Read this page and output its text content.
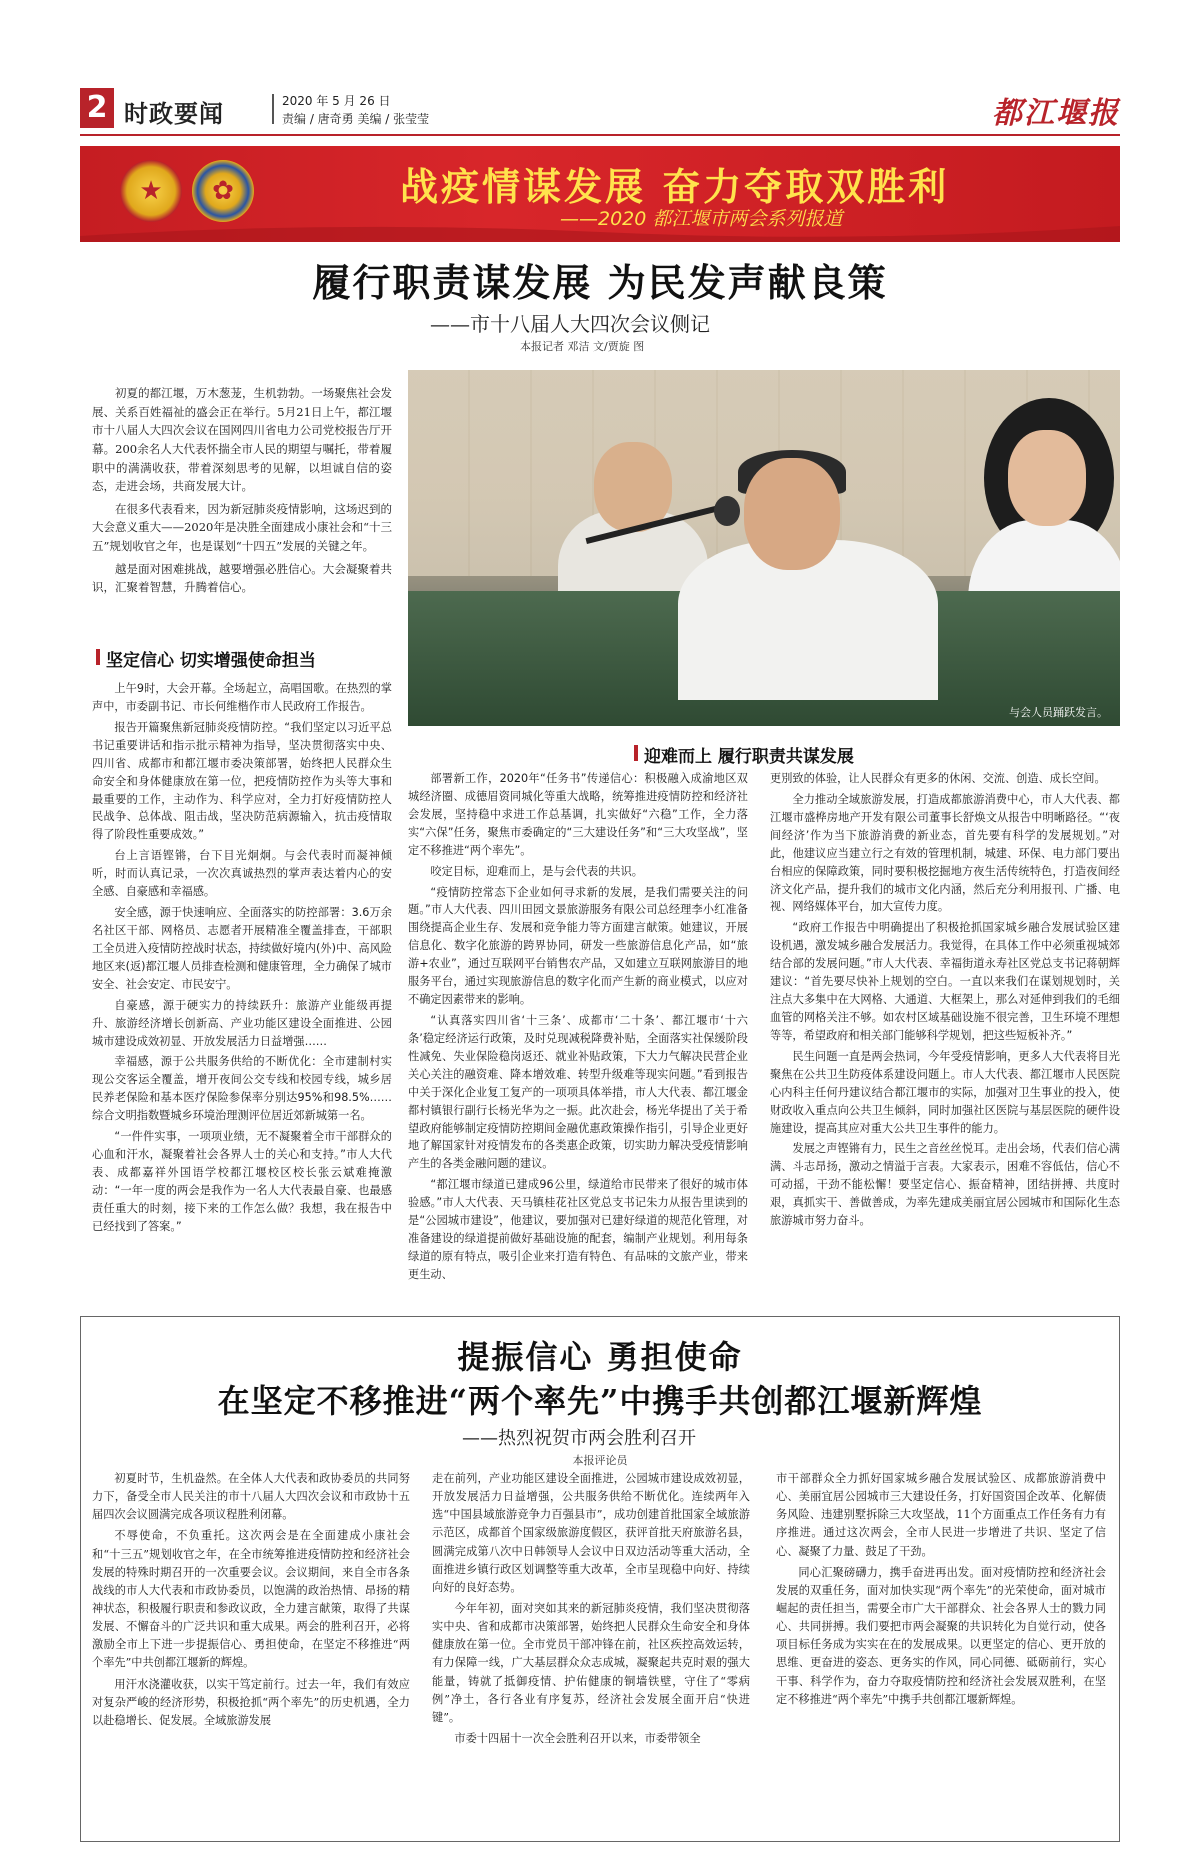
2 时政要闻	2020 年 5 月 26 日
责编 / 唐奇勇 美编 / 张莹莹	都江堰报
★ ✿	战疫情谋发展 奋力夺取双胜利
——2020 都江堰市两会系列报道
履行职责谋发展 为民发声献良策
——市十八届人大四次会议侧记
本报记者 邓洁 文/贾旋 图

初夏的都江堰，万木葱茏，生机勃勃。一场聚焦社会发展、关系百姓福祉的盛会正在举行。5月21日上午，都江堰市十八届人大四次会议在国网四川省电力公司党校报告厅开幕。200余名人大代表怀揣全市人民的期望与嘱托，带着履职中的满满收获，带着深刻思考的见解，以坦诚自信的姿态，走进会场，共商发展大计。

在很多代表看来，因为新冠肺炎疫情影响，这场迟到的大会意义重大——2020年是决胜全面建成小康社会和“十三五”规划收官之年，也是谋划“十四五”发展的关键之年。

越是面对困难挑战，越要增强必胜信心。大会凝聚着共识，汇聚着智慧，升腾着信心。

与会人员踊跃发言。
坚定信心 切实增强使命担当

上午9时，大会开幕。全场起立，高唱国歌。在热烈的掌声中，市委副书记、市长何维楷作市人民政府工作报告。

报告开篇聚焦新冠肺炎疫情防控。“我们坚定以习近平总书记重要讲话和指示批示精神为指导，坚决贯彻落实中央、四川省、成都市和都江堰市委决策部署，始终把人民群众生命安全和身体健康放在第一位，把疫情防控作为头等大事和最重要的工作，主动作为、科学应对，全力打好疫情防控人民战争、总体战、阻击战，坚决防范病源输入，抗击疫情取得了阶段性重要成效。”

台上言语铿锵，台下目光炯炯。与会代表时而凝神倾听，时而认真记录，一次次真诚热烈的掌声表达着内心的安全感、自豪感和幸福感。

安全感，源于快速响应、全面落实的防控部署：3.6万余名社区干部、网格员、志愿者开展精准全覆盖排查，干部职工全员进入疫情防控战时状态，持续做好境内(外)中、高风险地区来(返)都江堰人员排查检测和健康管理，全力确保了城市安全、社会安定、市民安宁。

自豪感，源于硬实力的持续跃升：旅游产业能级再提升、旅游经济增长创新高、产业功能区建设全面推进、公园城市建设成效初显、开放发展活力日益增强……

幸福感，源于公共服务供给的不断优化：全市建制村实现公交客运全覆盖，增开夜间公交专线和校园专线，城乡居民养老保险和基本医疗保险参保率分别达95%和98.5%……综合文明指数暨城乡环境治理测评位居近郊新城第一名。

“一件件实事，一项项业绩，无不凝聚着全市干部群众的心血和汗水，凝聚着社会各界人士的关心和支持。”市人大代表、成都嘉祥外国语学校都江堰校区校长张云斌难掩激动：“一年一度的两会是我作为一名人大代表最自豪、也最感责任重大的时刻，接下来的工作怎么做？我想，我在报告中已经找到了答案。”

迎难而上 履行职责共谋发展

部署新工作，2020年“任务书”传递信心：积极融入成渝地区双城经济圈、成德眉资同城化等重大战略，统筹推进疫情防控和经济社会发展，坚持稳中求进工作总基调，扎实做好“六稳”工作，全力落实“六保”任务，聚焦市委确定的“三大建设任务”和“三大攻坚战”，坚定不移推进“两个率先”。

咬定目标，迎难而上，是与会代表的共识。

“疫情防控常态下企业如何寻求新的发展，是我们需要关注的问题。”市人大代表、四川田园文景旅游服务有限公司总经理李小红准备围绕提高企业生存、发展和竞争能力等方面建言献策。她建议，开展信息化、数字化旅游的跨界协同，研发一些旅游信息化产品，如“旅游+农业”，通过互联网平台销售农产品，又如建立互联网旅游目的地服务平台，通过实现旅游信息的数字化而产生新的商业模式，以应对不确定因素带来的影响。

“认真落实四川省‘十三条’、成都市‘二十条’、都江堰市‘十六条’稳定经济运行政策，及时兑现减税降费补贴，全面落实社保缓阶段性减免、失业保险稳岗返还、就业补贴政策，下大力气解决民营企业关心关注的融资难、降本增效难、转型升级难等现实问题。”看到报告中关于深化企业复工复产的一项项具体举措，市人大代表、都江堰金都村镇银行副行长杨光华为之一振。此次赴会，杨光华提出了关于希望政府能够制定疫情防控期间金融优惠政策操作指引，引导企业更好地了解国家针对疫情发布的各类惠企政策，切实助力解决受疫情影响产生的各类金融问题的建议。

“都江堰市绿道已建成96公里，绿道给市民带来了很好的城市体验感。”市人大代表、天马镇桂花社区党总支书记朱力从报告里读到的是“公园城市建设”，他建议，要加强对已建好绿道的规范化管理，对准备建设的绿道提前做好基础设施的配套，编制产业规划。利用每条绿道的原有特点，吸引企业来打造有特色、有品味的文旅产业，带来更生动、

更別致的体验，让人民群众有更多的休闲、交流、创造、成长空间。

全力推动全域旅游发展，打造成都旅游消费中心，市人大代表、都江堰市盛桦房地产开发有限公司董事长舒焕文从报告中明晰路径。“‘夜间经济’作为当下旅游消费的新业态，首先要有科学的发展规划。”对此，他建议应当建立行之有效的管理机制，城建、环保、电力部门要出台相应的保障政策，同时要积极挖掘地方夜生活传统特色，打造夜间经济文化产品，提升我们的城市文化内涵，然后充分利用报刊、广播、电视、网络媒体平台，加大宣传力度。

“政府工作报告中明确提出了积极抢抓国家城乡融合发展试验区建设机遇，激发城乡融合发展活力。我觉得，在具体工作中必须重视城郊结合部的发展问题。”市人大代表、幸福街道永寿社区党总支书记蒋朝辉建议：“首先要尽快补上规划的空白。一直以来我们在谋划规划时，关注点大多集中在大网格、大通道、大框架上，那么对延伸到我们的毛细血管的网格关注不够。如农村区域基础设施不很完善，卫生环境不理想等等，希望政府和相关部门能够科学规划，把这些短板补齐。”

民生问题一直是两会热词，今年受疫情影响，更多人大代表将目光聚焦在公共卫生防疫体系建设问题上。市人大代表、都江堰市人民医院心内科主任何丹建议结合都江堰市的实际，加强对卫生事业的投入，使财政收入重点向公共卫生倾斜，同时加强社区医院与基层医院的硬件设施建设，提高其应对重大公共卫生事件的能力。

发展之声铿锵有力，民生之音丝丝悦耳。走出会场，代表们信心满满、斗志昂扬，激动之情溢于言表。大家表示，困难不容低估，信心不可动摇，干劲不能松懈！要坚定信心、振奋精神，团结拼搏、共度时艰，真抓实干、善做善成，为率先建成美丽宜居公园城市和国际化生态旅游城市努力奋斗。

提振信心 勇担使命
在坚定不移推进“两个率先”中携手共创都江堰新辉煌
——热烈祝贺市两会胜利召开
本报评论员

初夏时节，生机盎然。在全体人大代表和政协委员的共同努力下，备受全市人民关注的市十八届人大四次会议和市政协十五届四次会议圆满完成各项议程胜利闭幕。

不辱使命，不负重托。这次两会是在全面建成小康社会和“十三五”规划收官之年，在全市统筹推进疫情防控和经济社会发展的特殊时期召开的一次重要会议。会议期间，来自全市各条战线的市人大代表和市政协委员，以饱满的政治热情、昂扬的精神状态，积极履行职责和参政议政，全力建言献策，取得了共谋发展、不懈奋斗的广泛共识和重大成果。两会的胜利召开，必将激励全市上下进一步提振信心、勇担使命，在坚定不移推进“两个率先”中共创都江堰新的辉煌。

用汗水浇灌收获，以实干笃定前行。过去一年，我们有效应对复杂严峻的经济形势，积极抢抓“两个率先”的历史机遇，全力以赴稳增长、促发展。全域旅游发展

走在前列，产业功能区建设全面推进，公园城市建设成效初显，开放发展活力日益增强，公共服务供给不断优化。连续两年入选“中国县域旅游竞争力百强县市”，成功创建首批国家全域旅游示范区，成都首个国家级旅游度假区，获评首批天府旅游名县，圆满完成第八次中日韩领导人会议中日双边活动等重大活动，全面推进乡镇行政区划调整等重大改革，全市呈现稳中向好、持续向好的良好态势。

今年年初，面对突如其来的新冠肺炎疫情，我们坚决贯彻落实中央、省和成都市决策部署，始终把人民群众生命安全和身体健康放在第一位。全市党员干部冲锋在前，社区疾控高效运转，有力保障一线，广大基层群众众志成城，凝聚起共克时艰的强大能量，铸就了抵御疫情、护佑健康的铜墙铁壁，守住了“零病例”净土，各行各业有序复苏，经济社会发展全面开启“快进键”。

市委十四届十一次全会胜利召开以来，市委带领全

市干部群众全力抓好国家城乡融合发展试验区、成都旅游消费中心、美丽宜居公园城市三大建设任务，打好国资国企改革、化解债务风险、违建别墅拆除三大攻坚战，11个方面重点工作任务有力有序推进。通过这次两会，全市人民进一步增进了共识、坚定了信心、凝聚了力量、鼓足了干劲。

同心汇聚磅礴力，携手奋进再出发。面对疫情防控和经济社会发展的双重任务，面对加快实现“两个率先”的光荣使命，面对城市崛起的责任担当，需要全市广大干部群众、社会各界人士的戮力同心、共同拼搏。我们要把市两会凝聚的共识转化为自觉行动，使各项目标任务成为实实在在的发展成果。以更坚定的信心、更开放的思维、更奋进的姿态、更务实的作风，同心同德、砥砺前行，实心干事、科学作为，奋力夺取疫情防控和经济社会发展双胜利，在坚定不移推进“两个率先”中携手共创都江堰新辉煌。
